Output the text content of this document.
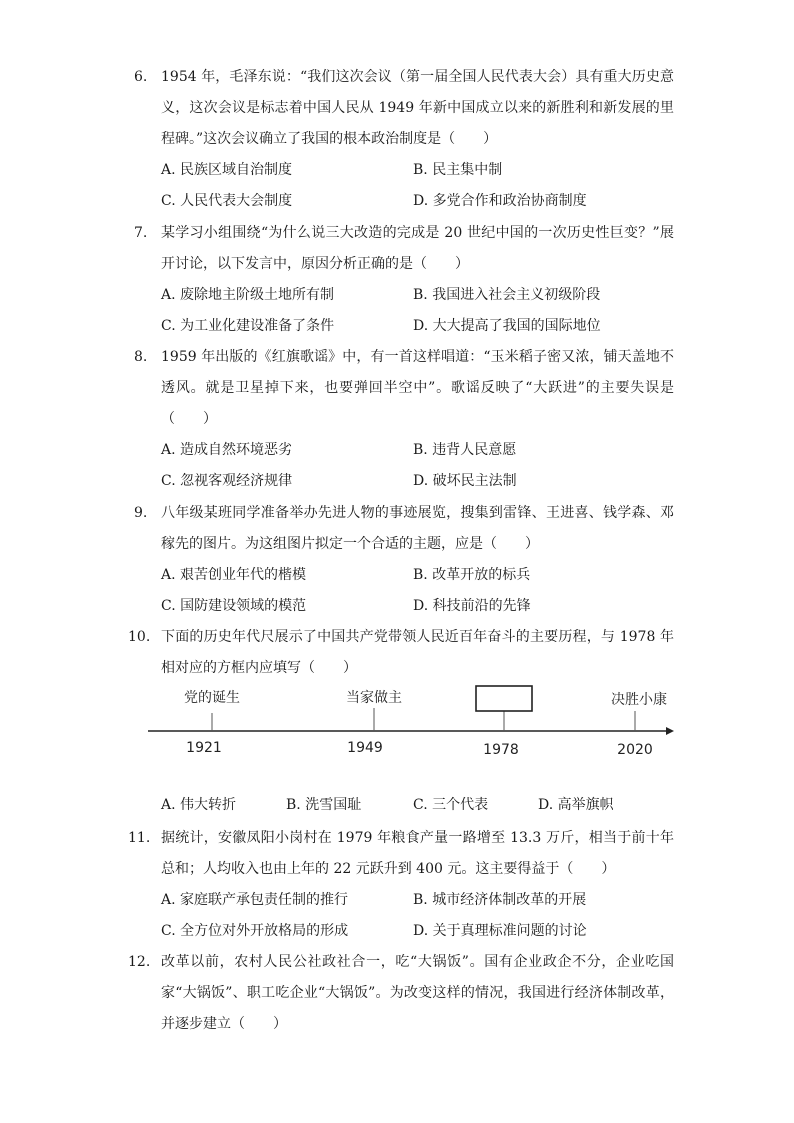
6. 1954 年，毛泽东说：“我们这次会议（第一届全国人民代表大会）具有重大历史意义，这次会议是标志着中国人民从 1949 年新中国成立以来的新胜利和新发展的里程碑。”这次会议确立了我国的根本政治制度是（　　）
A. 民族区域自治制度	B. 民主集中制
C. 人民代表大会制度	D. 多党合作和政治协商制度
7. 某学习小组围绕“为什么说三大改造的完成是 20 世纪中国的一次历史性巨变？”展开讨论，以下发言中，原因分析正确的是（　　）
A. 废除地主阶级土地所有制	B. 我国进入社会主义初级阶段
C. 为工业化建设准备了条件	D. 大大提高了我国的国际地位
8. 1959 年出版的《红旗歌谣》中，有一首这样唱道：“玉米稻子密又浓，铺天盖地不透风。就是卫星掉下来，也要弹回半空中”。歌谣反映了“大跃进”的主要失误是（　　）
A. 造成自然环境恶劣	B. 违背人民意愿
C. 忽视客观经济规律	D. 破坏民主法制
9. 八年级某班同学准备举办先进人物的事迹展览，搜集到雷锋、王进喜、钱学森、邓稼先的图片。为这组图片拟定一个合适的主题，应是（　　）
A. 艰苦创业年代的楷模	B. 改革开放的标兵
C. 国防建设领域的模范	D. 科技前沿的先锋
10. 下面的历史年代尺展示了中国共产党带领人民近百年奋斗的主要历程，与 1978 年相对应的方框内应填写（　　）
党的诞生	当家做主	决胜小康
1921	1949	1978	2020
A. 伟大转折	B. 洗雪国耻	C. 三个代表	D. 高举旗帜
11. 据统计，安徽凤阳小岗村在 1979 年粮食产量一路增至 13.3 万斤，相当于前十年总和；人均收入也由上年的 22 元跃升到 400 元。这主要得益于（　　）
A. 家庭联产承包责任制的推行	B. 城市经济体制改革的开展
C. 全方位对外开放格局的形成	D. 关于真理标准问题的讨论
12. 改革以前，农村人民公社政社合一，吃“大锅饭”。国有企业政企不分，企业吃国家“大锅饭”、职工吃企业“大锅饭”。为改变这样的情况，我国进行经济体制改革，并逐步建立（　　）
